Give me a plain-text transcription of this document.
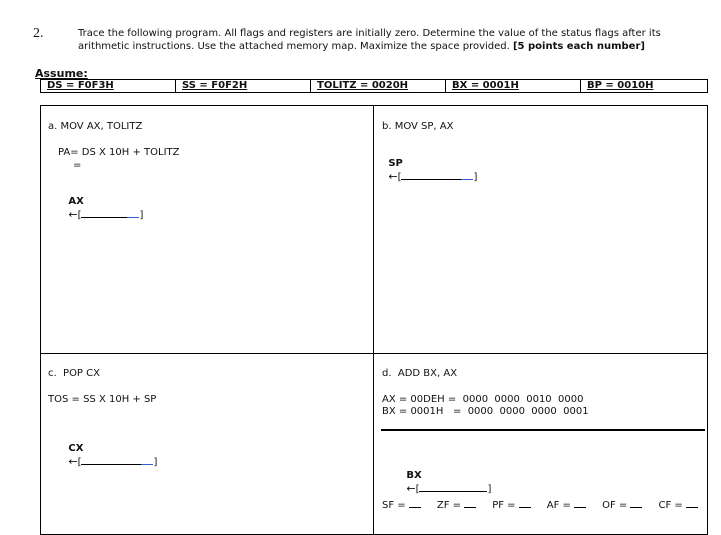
2.	Trace the following program. All flags and registers are initially zero. Determine the value of the status flags after its arithmetic instructions. Use the attached memory map. Maximize the space provided. [5 points each number]
Assume:
DS = F0F3H	SS = F0F2H	TOLITZ = 0020H	BX = 0001H	BP = 0010H
a. MOV AX, TOLITZ
PA= DS X 10H + TOLITZ
=

AX
←[	]

b. MOV SP, AX

SP
←[	]

c.  POP CX
TOS = SS X 10H + SP

CX
←[	]

d.  ADD BX, AX
AX = 00DEH =  0000  0000  0010  0000
BX = 0001H   =  0000  0000  0000  0001

BX
←[	]

SF =	ZF =	PF =	AF =	OF =	CF =
